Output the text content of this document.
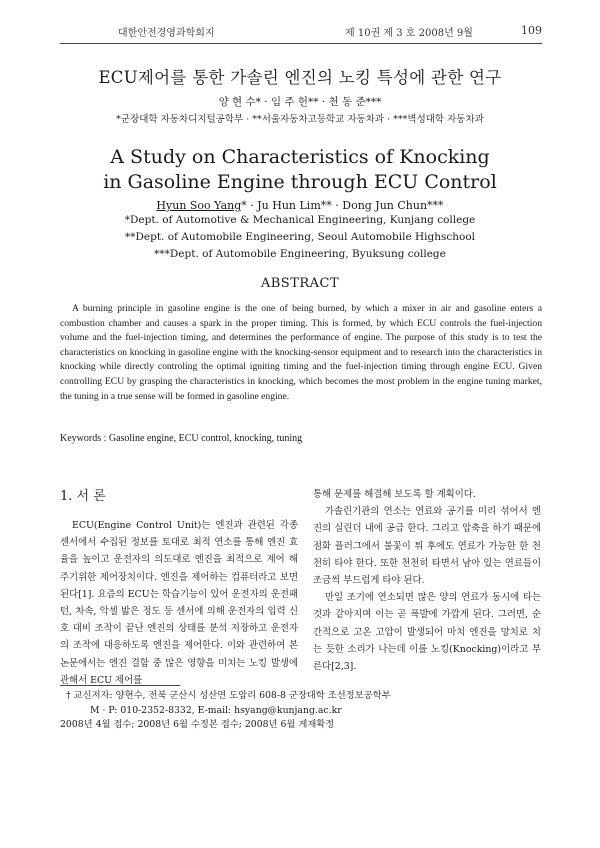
대한안전경영과학회지	제 10권 제 3 호 2008년 9월	109
ECU제어를 통한 가솔린 엔진의 노킹 특성에 관한 연구
양 현 수* · 임 주 헌** · 천 동 준***
*군장대학 자동차디지털공학부 · **서울자동차고등학교 자동차과 · ***벽성대학 자동차과
A Study on Characteristics of Knocking
in Gasoline Engine through ECU Control
Hyun Soo Yang* · Ju Hun Lim** · Dong Jun Chun***
*Dept. of Automotive & Mechanical Engineering, Kunjang college
**Dept. of Automobile Engineering, Seoul Automobile Highschool
***Dept. of Automobile Engineering, Byuksung college
ABSTRACT
A burning principle in gasoline engine is the one of being burned, by which a mixer in air and gasoline enters a combustion chamber and causes a spark in the proper timing. This is formed, by which ECU controls the fuel-injection volume and the fuel-injection timing, and determines the performance of engine. The purpose of this study is to test the characteristics on knocking in gasoline engine with the knocking-sensor equipment and to research into the characteristics in knocking while directly controling the optimal igniting timing and the fuel-injection timing through engine ECU. Given controlling ECU by grasping the characteristics in knocking, which becomes the most problem in the engine tuning market, the tuning in a true sense will be formed in gasoline engine.
Keywords : Gasoline engine, ECU control, knocking, tuning
1. 서 론

ECU(Engine Control Unit)는 엔진과 관련된 각종 센서에서 수집된 정보를 토대로 최적 연소를 통해 엔진 효율을 높이고 운전자의 의도대로 엔진을 최적으로 제어 해 주기위한 제어장치이다. 엔진을 제어하는 컴퓨터라고 보면 된다[1]. 요즘의 ECU는 학습기능이 있어 운전자의 운전패턴, 차속, 악셀 밟은 정도 등 센서에 의해 운전자의 입력 신호 대비 조작이 끝난 엔진의 상태를 분석 저장하고 운전자의 조작에 대응하도록 엔진을 제어한다. 이와 관련하여 본 논문에서는 엔진 결함 중 많은 영향을 미치는 노킹 발생에 관해서 ECU 제어를

통해 문제를 해결해 보도록 할 계획이다.

가솔린기관의 연소는 연료와 공기를 미리 섞어서 엔진의 실린더 내에 공급 한다. 그리고 압축을 하기 때문에 점화 플러그에서 불꽃이 튀 후에도 연료가 가능한 한 천천히 타야 한다. 또한 천천히 타면서 남아 있는 연료들이 조금씩 부드럽게 타야 된다.

만일 조기에 연소되면 많은 양의 연료가 동시에 타는 것과 같아지며 이는 곧 폭발에 가깝게 된다. 그러면, 순간적으로 고온 고압이 발생되어 마치 엔진을 망치로 치는 듯한 소리가 나는데 이를 노킹(Knocking)이라고 부른다[2,3].

† 교신저자: 양현수, 전북 군산시 성산면 도암리 608-8 군장대학 조선정보공학부
M · P: 010-2352-8332, E-mail: hsyang@kunjang.ac.kr
2008년 4월 접수; 2008년 6월 수정본 접수; 2008년 6월 게재확정
